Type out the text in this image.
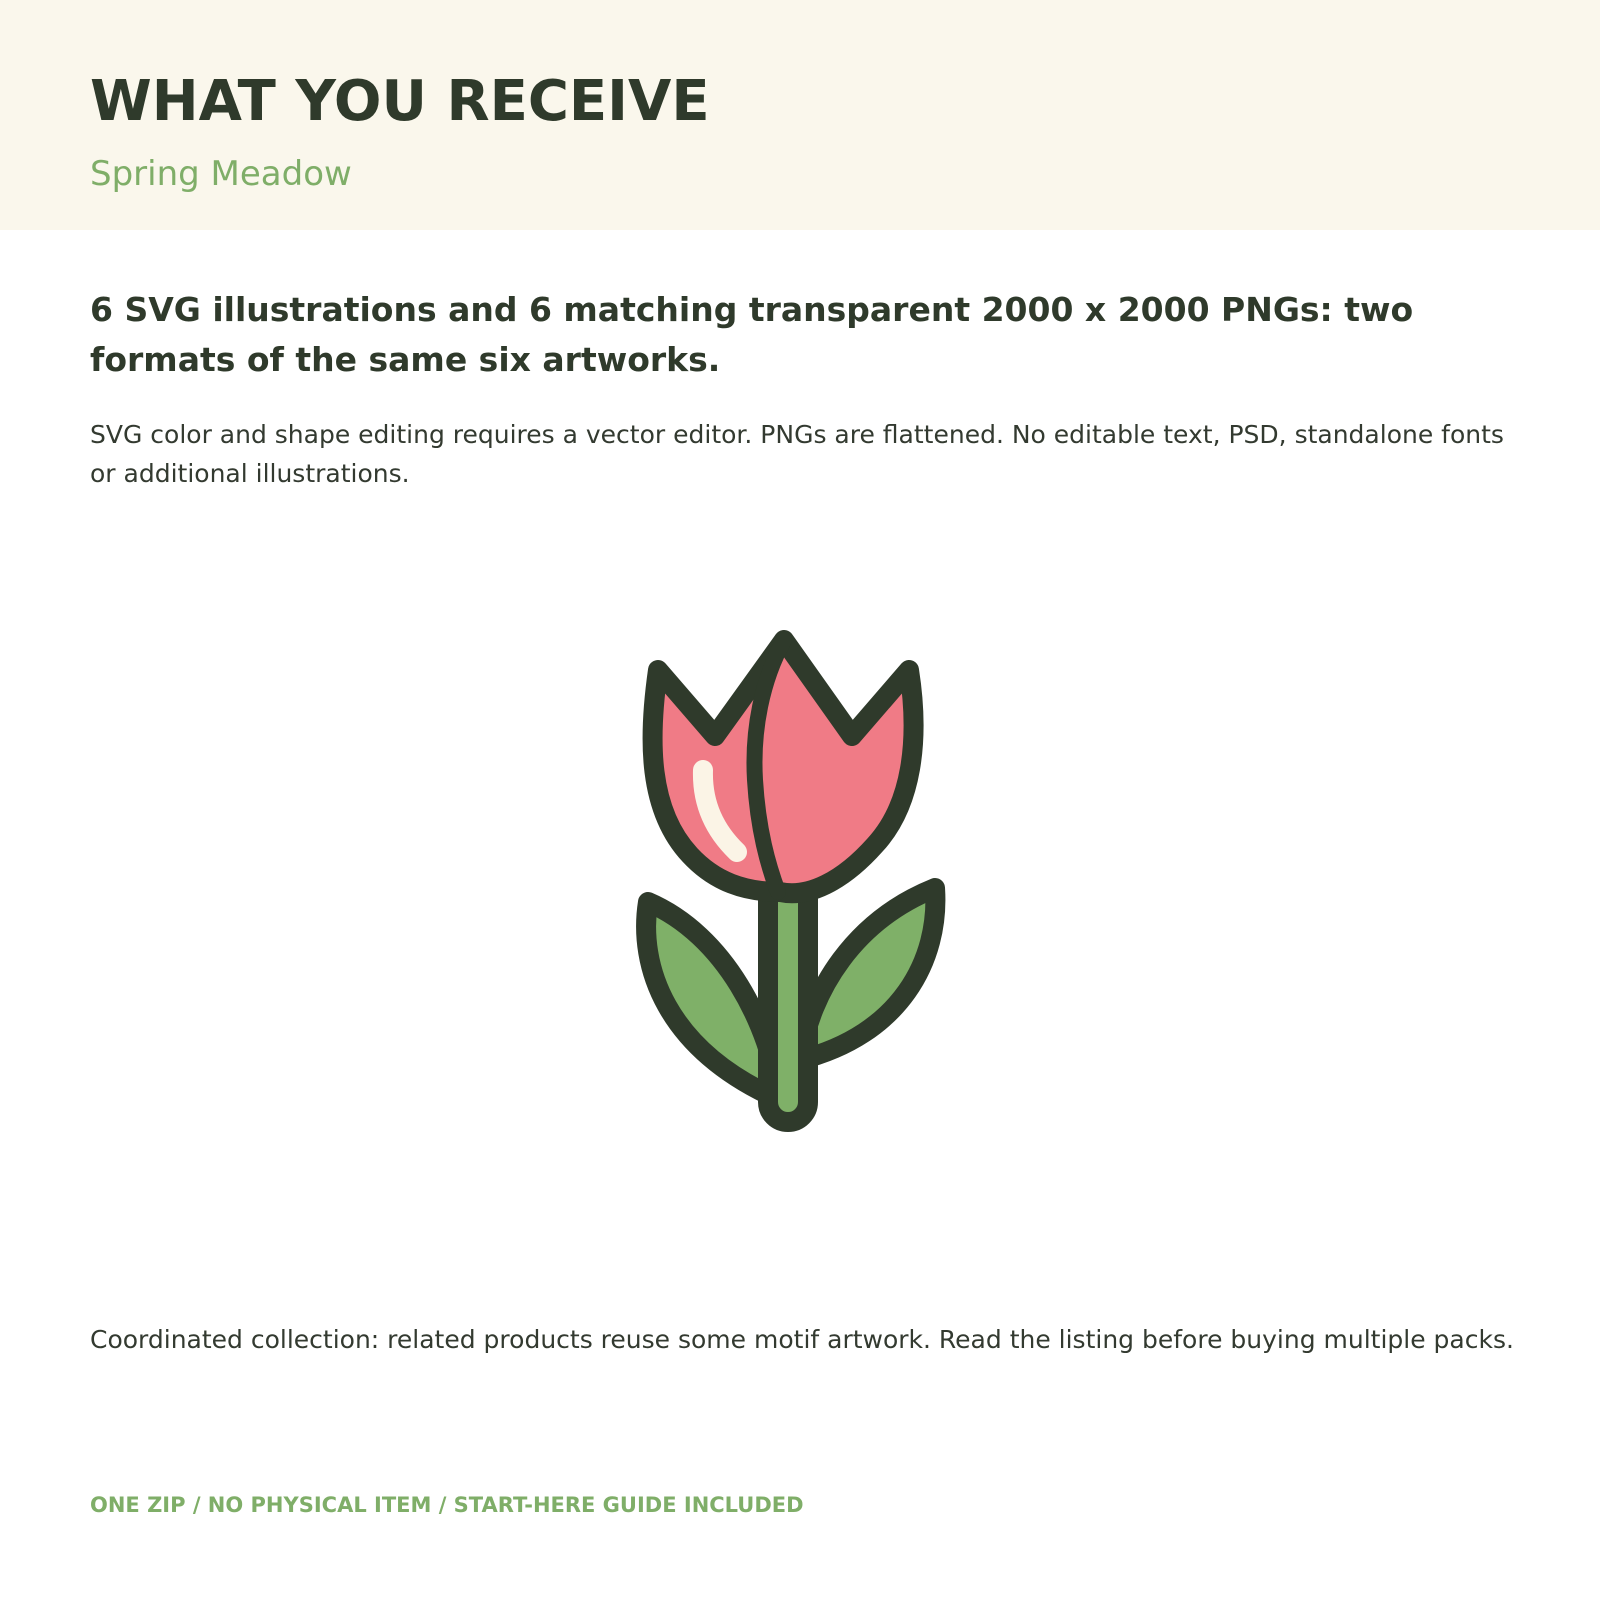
WHAT YOU RECEIVE
Spring Meadow

6 SVG illustrations and 6 matching transparent 2000 x 2000 PNGs: two formats of the same six artworks.

SVG color and shape editing requires a vector editor. PNGs are flattened. No editable text, PSD, standalone fonts or additional illustrations.

Coordinated collection: related products reuse some motif artwork. Read the listing before buying multiple packs.

ONE ZIP / NO PHYSICAL ITEM / START-HERE GUIDE INCLUDED
